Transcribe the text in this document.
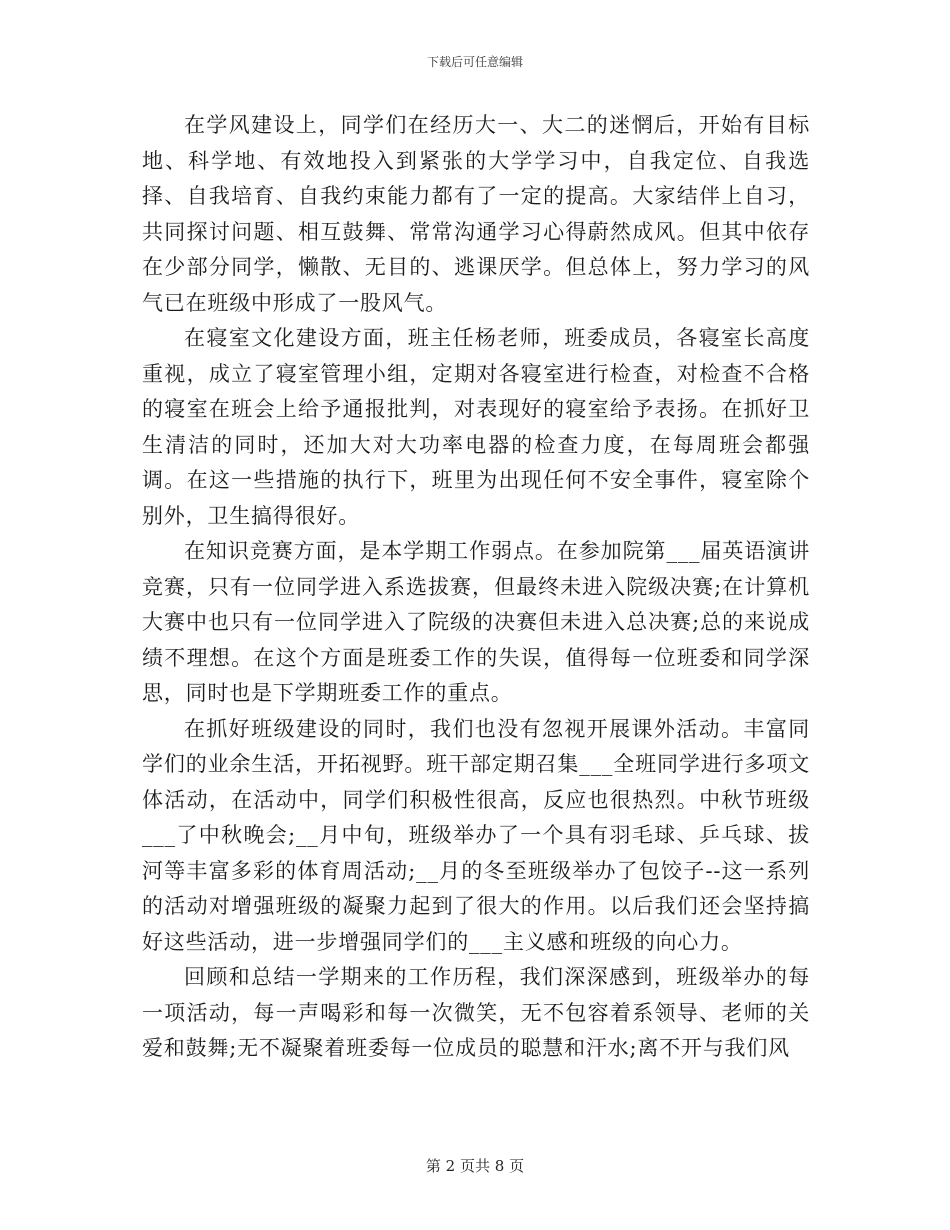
下载后可任意编辑

在学风建设上，同学们在经历大一、大二的迷惘后，开始有目标地、科学地、有效地投入到紧张的大学学习中，自我定位、自我选择、自我培育、自我约束能力都有了一定的提高。大家结伴上自习，共同探讨问题、相互鼓舞、常常沟通学习心得蔚然成风。但其中依存在少部分同学，懒散、无目的、逃课厌学。但总体上，努力学习的风气已在班级中形成了一股风气。

在寝室文化建设方面，班主任杨老师，班委成员，各寝室长高度重视，成立了寝室管理小组，定期对各寝室进行检查，对检查不合格的寝室在班会上给予通报批判，对表现好的寝室给予表扬。在抓好卫生清洁的同时，还加大对大功率电器的检查力度，在每周班会都强调。在这一些措施的执行下，班里为出现任何不安全事件，寝室除个别外，卫生搞得很好。

在知识竞赛方面，是本学期工作弱点。在参加院第___届英语演讲竞赛，只有一位同学进入系选拔赛，但最终未进入院级决赛;在计算机大赛中也只有一位同学进入了院级的决赛但未进入总决赛;总的来说成绩不理想。在这个方面是班委工作的失误，值得每一位班委和同学深思，同时也是下学期班委工作的重点。

在抓好班级建设的同时，我们也没有忽视开展课外活动。丰富同学们的业余生活，开拓视野。班干部定期召集___全班同学进行多项文体活动，在活动中，同学们积极性很高，反应也很热烈。中秋节班级___了中秋晚会;__月中旬，班级举办了一个具有羽毛球、乒乓球、拔河等丰富多彩的体育周活动;__月的冬至班级举办了包饺子--这一系列的活动对增强班级的凝聚力起到了很大的作用。以后我们还会坚持搞好这些活动，进一步增强同学们的___主义感和班级的向心力。

回顾和总结一学期来的工作历程，我们深深感到，班级举办的每一项活动，每一声喝彩和每一次微笑，无不包容着系领导、老师的关爱和鼓舞;无不凝聚着班委每一位成员的聪慧和汗水;离不开与我们风

第 2 页共 8 页
